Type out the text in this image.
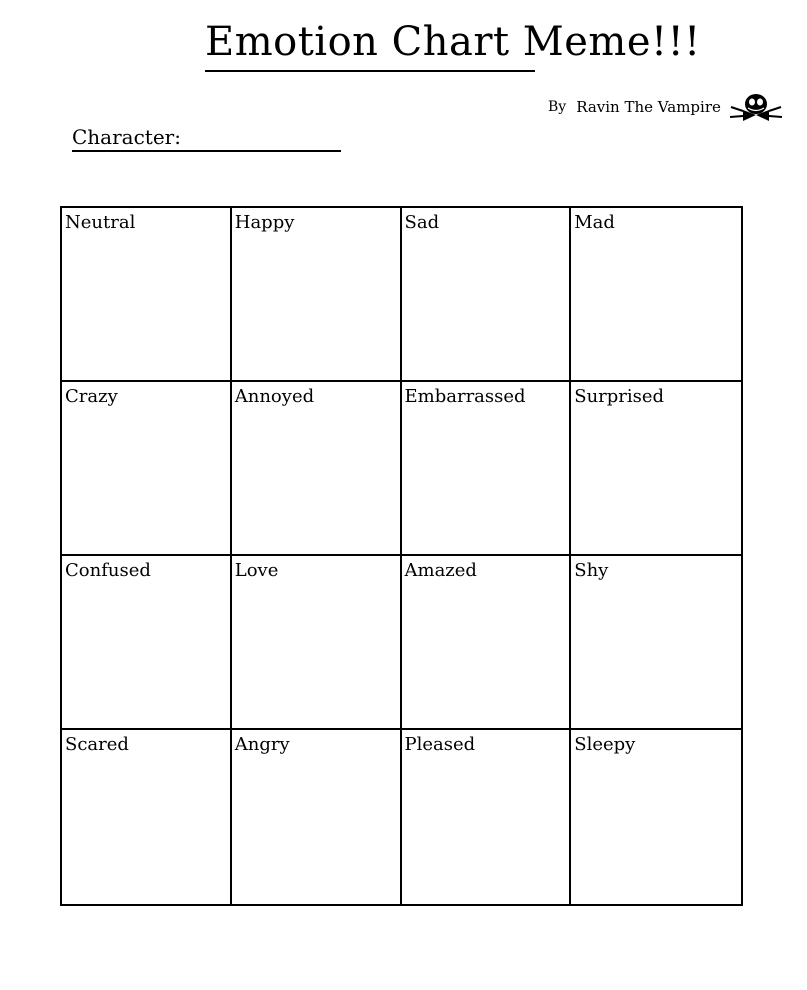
Emotion Chart Meme!!!
By Ravin The Vampire
Character:
Neutral	Happy	Sad	Mad
Crazy	Annoyed	Embarrassed	Surprised
Confused	Love	Amazed	Shy
Scared	Angry	Pleased	Sleepy
